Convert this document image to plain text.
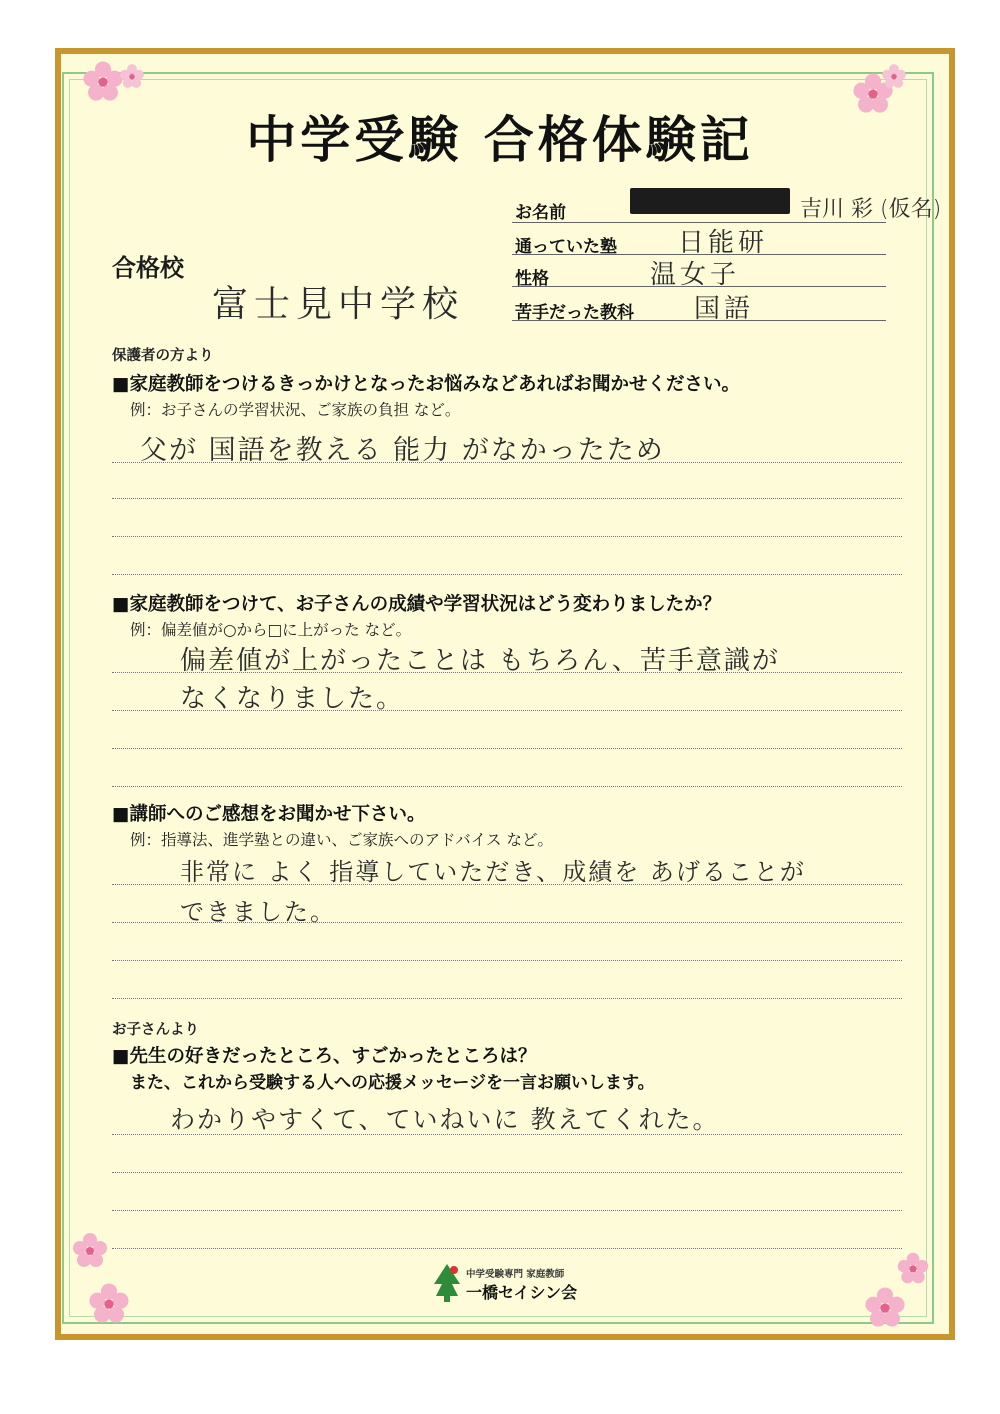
中学受験 合格体験記
お名前	吉川 彩 (仮名)
通っていた塾 日能研
性格	温女子
苦手だった教科 国語
合格校
富士見中学校
保護者の方より
■家庭教師をつけるきっかけとなったお悩みなどあればお聞かせください。
例：お子さんの学習状況、ご家族の負担 など。
父が 国語を教える 能力 がなかったため
■家庭教師をつけて、お子さんの成績や学習状況はどう変わりましたか？
例：偏差値が○から□に上がった など。
偏差値が上がったことは もちろん、苦手意識が
なくなりました。
■講師へのご感想をお聞かせ下さい。
例：指導法、進学塾との違い、ご家族へのアドバイス など。
非常に よく 指導していただき、成績を あげることが
できました。
お子さんより
■先生の好きだったところ、すごかったところは？
また、これから受験する人への応援メッセージを一言お願いします。
わかりやすくて、ていねいに 教えてくれた。
中学受験専門 家庭教師
一橋セイシン会
